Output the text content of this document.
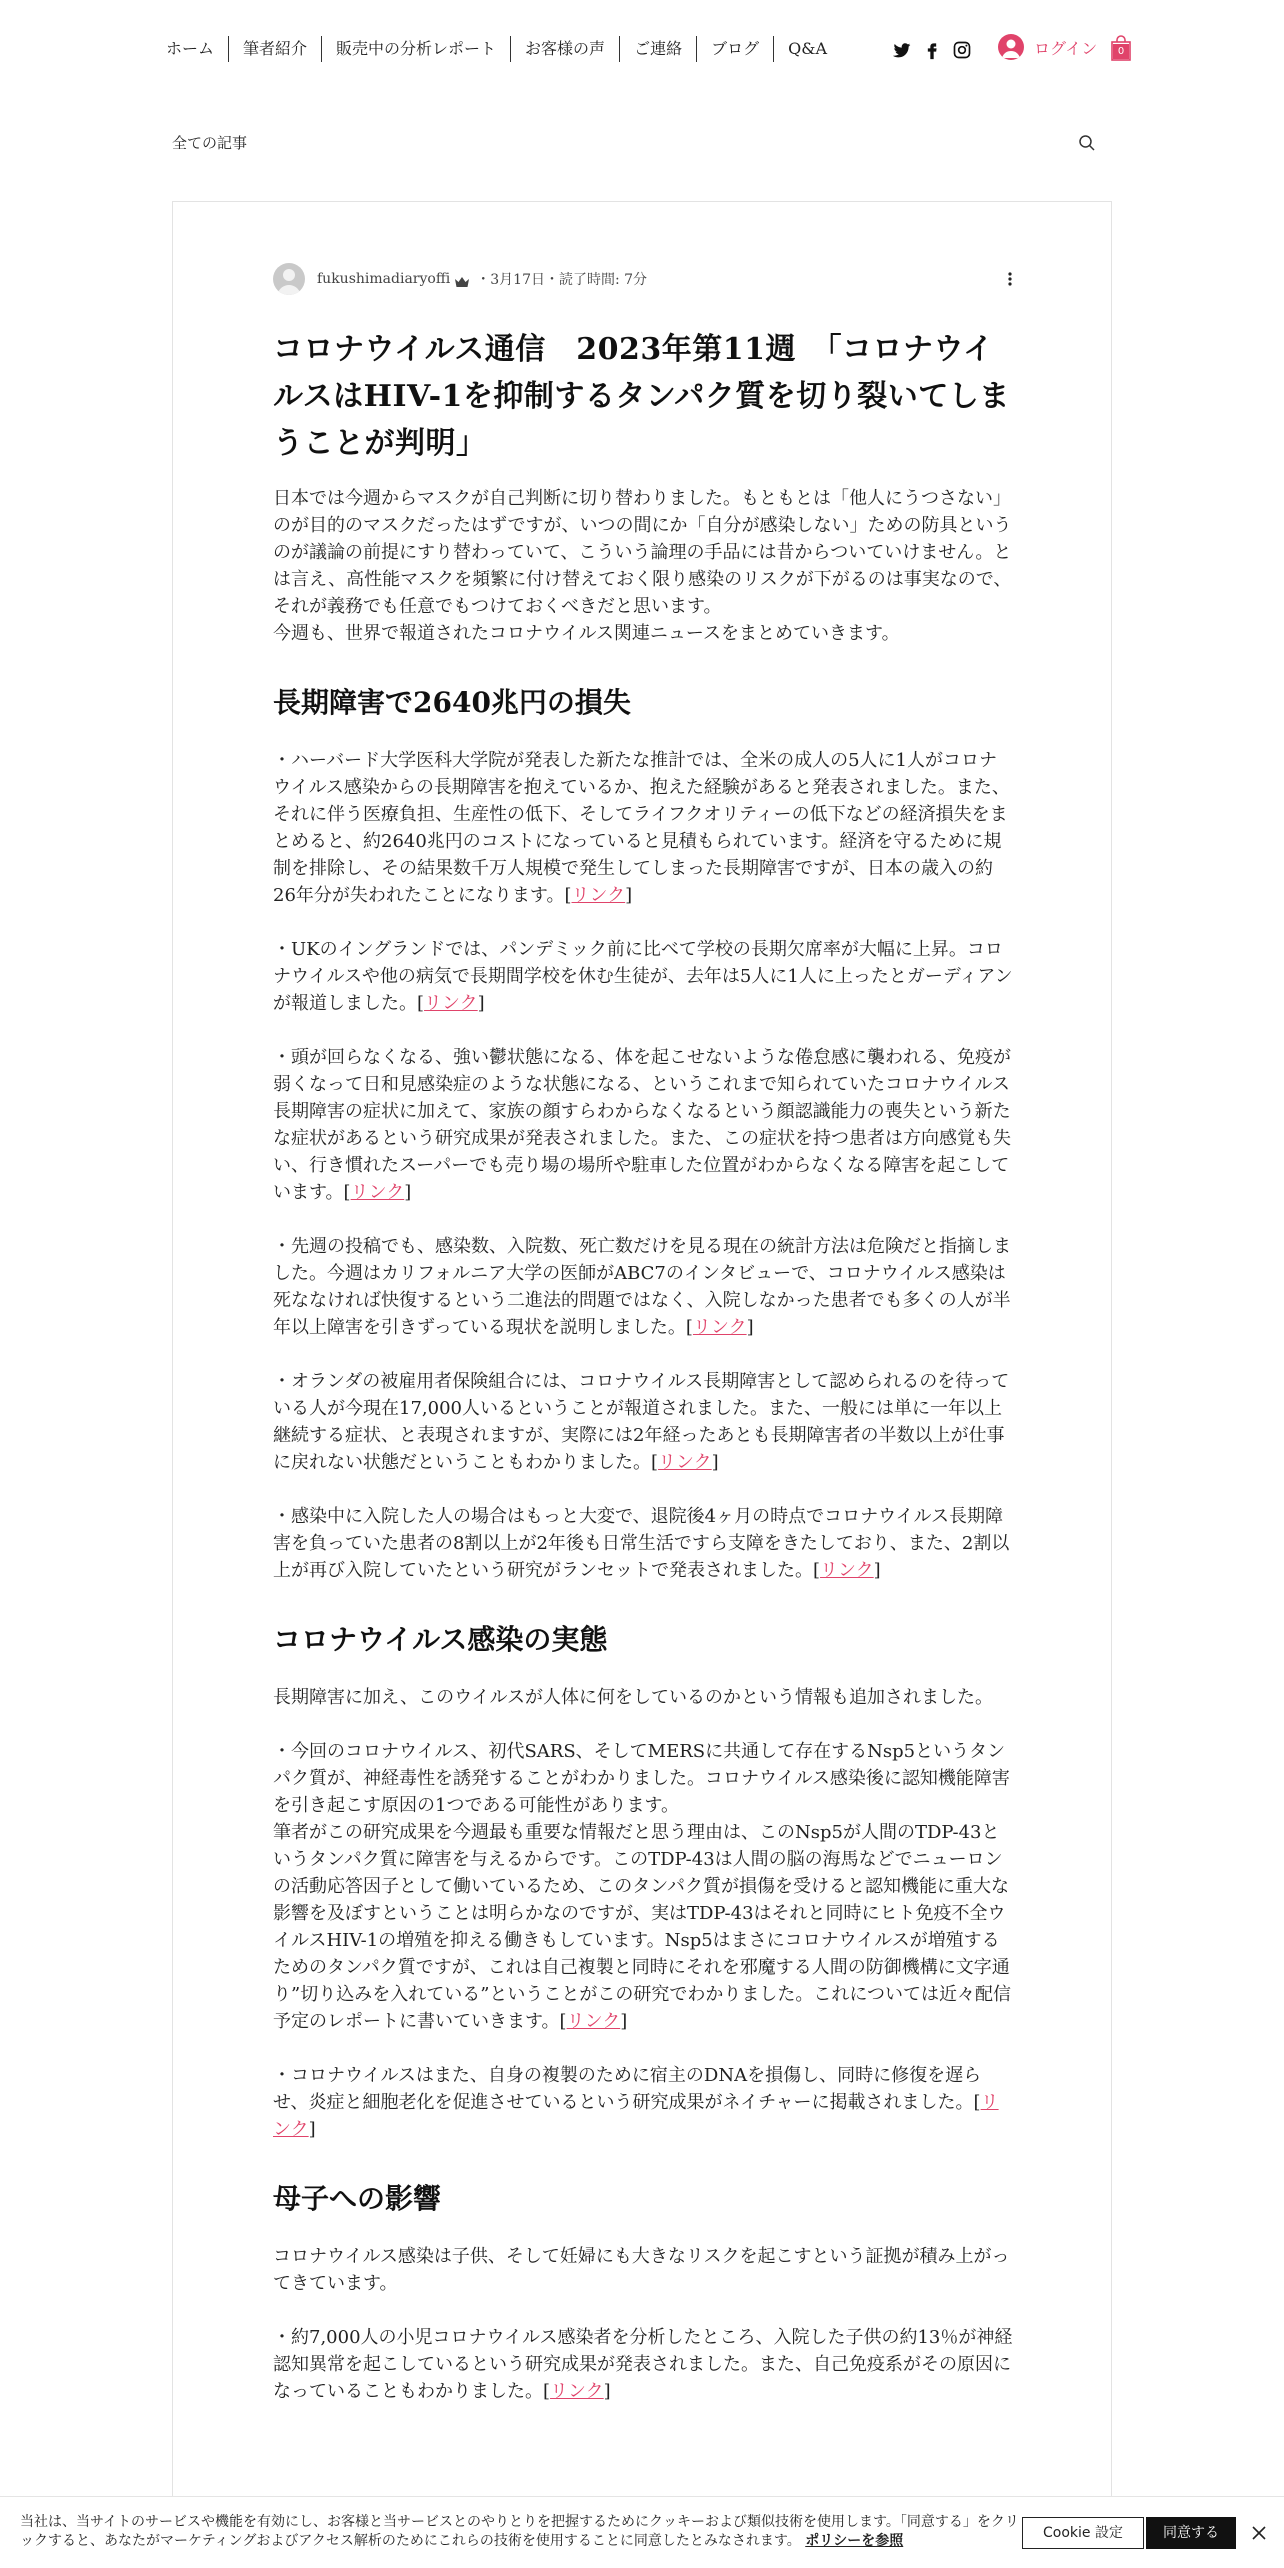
ホーム	筆者紹介	販売中の分析レポート	お客様の声	ご連絡	ブログ	Q&A	ログイン	0
全ての記事
fukushimadiaryoffi ・ 3月17日 ・ 読了時間: 7分
コロナウイルス通信　2023年第11週　「コロナウイルスはHIV-1を抑制するタンパク質を切り裂いてしまうことが判明」

日本では今週からマスクが自己判断に切り替わりました。もともとは「他人にうつさない」のが目的のマスクだったはずですが、いつの間にか「自分が感染しない」ための防具というのが議論の前提にすり替わっていて、こういう論理の手品には昔からついていけません。とは言え、高性能マスクを頻繁に付け替えておく限り感染のリスクが下がるのは事実なので、それが義務でも任意でもつけておくべきだと思います。
今週も、世界で報道されたコロナウイルス関連ニュースをまとめていきます。

長期障害で2640兆円の損失

・ハーバード大学医科大学院が発表した新たな推計では、全米の成人の5人に1人がコロナウイルス感染からの長期障害を抱えているか、抱えた経験があると発表されました。また、それに伴う医療負担、生産性の低下、そしてライフクオリティーの低下などの経済損失をまとめると、約2640兆円のコストになっていると見積もられています。経済を守るために規制を排除し、その結果数千万人規模で発生してしまった長期障害ですが、日本の歳入の約26年分が失われたことになります。[リンク]

・UKのイングランドでは、パンデミック前に比べて学校の長期欠席率が大幅に上昇。コロナウイルスや他の病気で長期間学校を休む生徒が、去年は5人に1人に上ったとガーディアンが報道しました。[リンク]

・頭が回らなくなる、強い鬱状態になる、体を起こせないような倦怠感に襲われる、免疫が弱くなって日和見感染症のような状態になる、というこれまで知られていたコロナウイルス長期障害の症状に加えて、家族の顔すらわからなくなるという顔認識能力の喪失という新たな症状があるという研究成果が発表されました。また、この症状を持つ患者は方向感覚も失い、行き慣れたスーパーでも売り場の場所や駐車した位置がわからなくなる障害を起こしています。[リンク]

・先週の投稿でも、感染数、入院数、死亡数だけを見る現在の統計方法は危険だと指摘しました。今週はカリフォルニア大学の医師がABC7のインタビューで、コロナウイルス感染は死ななければ快復するという二進法的問題ではなく、入院しなかった患者でも多くの人が半年以上障害を引きずっている現状を説明しました。[リンク]

・オランダの被雇用者保険組合には、コロナウイルス長期障害として認められるのを待っている人が今現在17,000人いるということが報道されました。また、一般には単に一年以上継続する症状、と表現されますが、実際には2年経ったあとも長期障害者の半数以上が仕事に戻れない状態だということもわかりました。[リンク]

・感染中に入院した人の場合はもっと大変で、退院後4ヶ月の時点でコロナウイルス長期障害を負っていた患者の8割以上が2年後も日常生活ですら支障をきたしており、また、2割以上が再び入院していたという研究がランセットで発表されました。[リンク]

コロナウイルス感染の実態

長期障害に加え、このウイルスが人体に何をしているのかという情報も追加されました。

・今回のコロナウイルス、初代SARS、そしてMERSに共通して存在するNsp5というタンパク質が、神経毒性を誘発することがわかりました。コロナウイルス感染後に認知機能障害を引き起こす原因の1つである可能性があります。

筆者がこの研究成果を今週最も重要な情報だと思う理由は、このNsp5が人間のTDP-43というタンパク質に障害を与えるからです。このTDP-43は人間の脳の海馬などでニューロンの活動応答因子として働いているため、このタンパク質が損傷を受けると認知機能に重大な影響を及ぼすということは明らかなのですが、実はTDP-43はそれと同時にヒト免疫不全ウイルスHIV-1の増殖を抑える働きもしています。Nsp5はまさにコロナウイルスが増殖するためのタンパク質ですが、これは自己複製と同時にそれを邪魔する人間の防御機構に文字通り”切り込みを入れている”ということがこの研究でわかりました。これについては近々配信予定のレポートに書いていきます。[リンク]

・コロナウイルスはまた、自身の複製のために宿主のDNAを損傷し、同時に修復を遅らせ、炎症と細胞老化を促進させているという研究成果がネイチャーに掲載されました。[リンク]

母子への影響

コロナウイルス感染は子供、そして妊婦にも大きなリスクを起こすという証拠が積み上がってきています。

・約7,000人の小児コロナウイルス感染者を分析したところ、入院した子供の約13％が神経認知異常を起こしているという研究成果が発表されました。また、自己免疫系がその原因になっていることもわかりました。[リンク]

当社は、当サイトのサービスや機能を有効にし、お客様と当サービスとのやりとりを把握するためにクッキーおよび類似技術を使用します。「同意する」をクリックすると、あなたがマーケティングおよびアクセス解析のためにこれらの技術を使用することに同意したとみなされます。 ポリシーを参照	Cookie 設定	同意する
